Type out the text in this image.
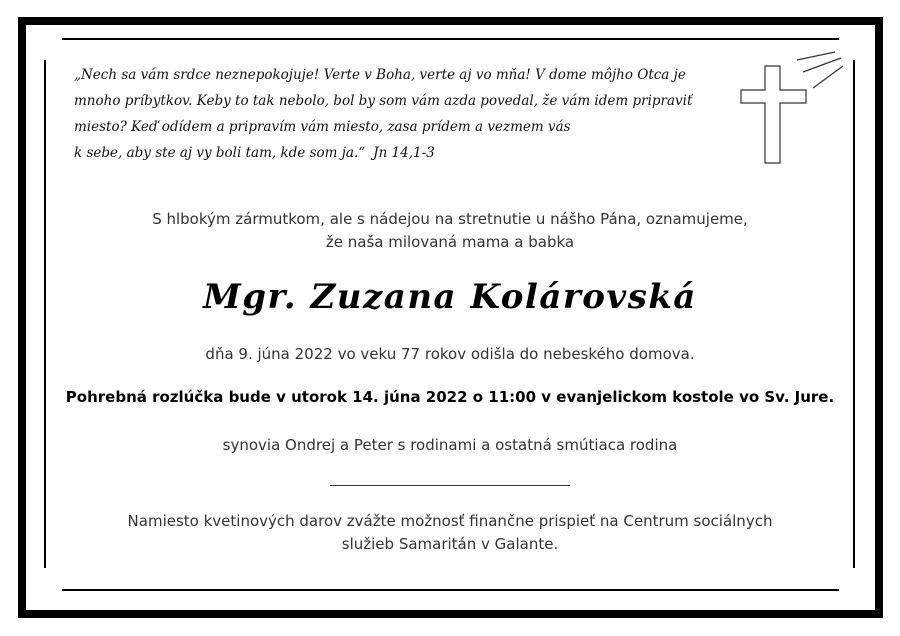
„Nech sa vám srdce neznepokojuje! Verte v Boha, verte aj vo mňa! V dome môjho Otca je
mnoho príbytkov. Keby to tak nebolo, bol by som vám azda povedal, že vám idem pripraviť
miesto? Keď odídem a pripravím vám miesto, zasa prídem a vezmem vás
k sebe, aby ste aj vy boli tam, kde som ja.“ Jn 14,1-3
S hlbokým zármutkom, ale s nádejou na stretnutie u nášho Pána, oznamujeme,
že naša milovaná mama a babka
Mgr. Zuzana Kolárovská
dňa 9. júna 2022 vo veku 77 rokov odišla do nebeského domova.
Pohrebná rozlúčka bude v utorok 14. júna 2022 o 11:00 v evanjelickom kostole vo Sv. Jure.
synovia Ondrej a Peter s rodinami a ostatná smútiaca rodina
Namiesto kvetinových darov zvážte možnosť finančne prispieť na Centrum sociálnych
služieb Samaritán v Galante.
